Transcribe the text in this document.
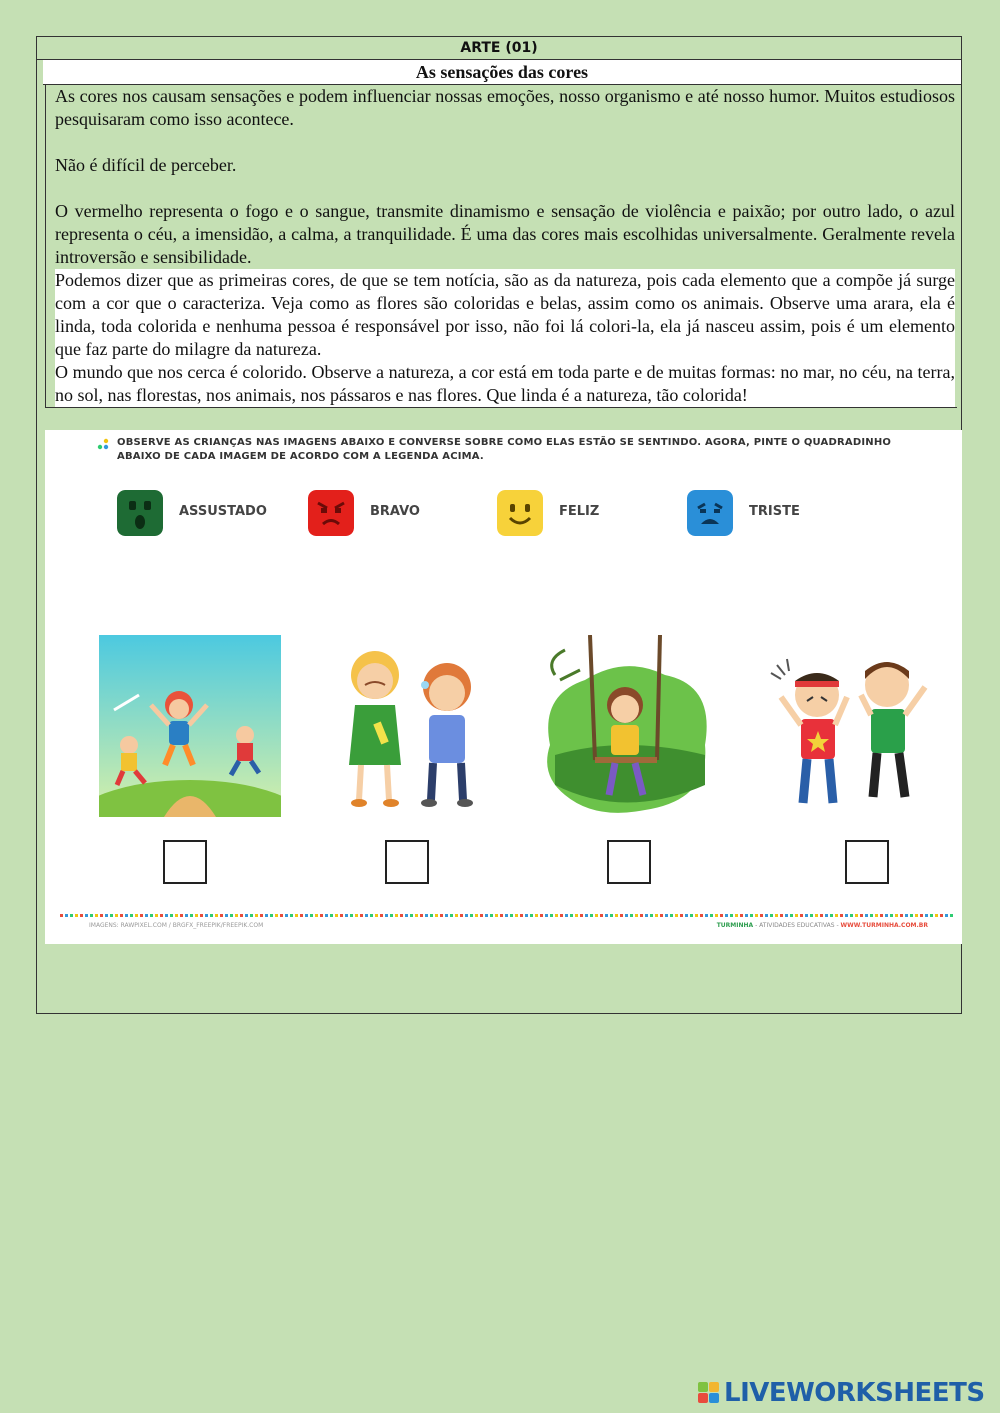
ARTE (01)
As sensações das cores

As cores nos causam sensações e podem influenciar nossas emoções, nosso organismo e até nosso humor. Muitos estudiosos pesquisaram como isso acontece.

Não é difícil de perceber.

O vermelho representa o fogo e o sangue, transmite dinamismo e sensação de violência e paixão; por outro lado, o azul representa o céu, a imensidão, a calma, a tranquilidade. É uma das cores mais escolhidas universalmente. Geralmente revela introversão e sensibilidade.

Podemos dizer que as primeiras cores, de que se tem notícia, são as da natureza, pois cada elemento que a compõe já surge com a cor que o caracteriza. Veja como as flores são coloridas e belas, assim como os animais. Observe uma arara, ela é linda, toda colorida e nenhuma pessoa é responsável por isso, não foi lá colori-la, ela já nasceu assim, pois é um elemento que faz parte do milagre da natureza.

O mundo que nos cerca é colorido. Observe a natureza, a cor está em toda parte e de muitas formas: no mar, no céu, na terra, no sol, nas florestas, nos animais, nos pássaros e nas flores. Que linda é a natureza, tão colorida!

OBSERVE AS CRIANÇAS NAS IMAGENS ABAIXO E CONVERSE SOBRE COMO ELAS ESTÃO SE SENTINDO. AGORA, PINTE O QUADRADINHO ABAIXO DE CADA IMAGEM DE ACORDO COM A LEGENDA ACIMA.
ASSUSTADO	BRAVO	FELIZ	TRISTE
IMAGENS: RAWPIXEL.COM / BRGFX_FREEPIK/FREEPIK.COM	TURMINHA - ATIVIDADES EDUCATIVAS - WWW.TURMINHA.COM.BR
LIVEWORKSHEETS
